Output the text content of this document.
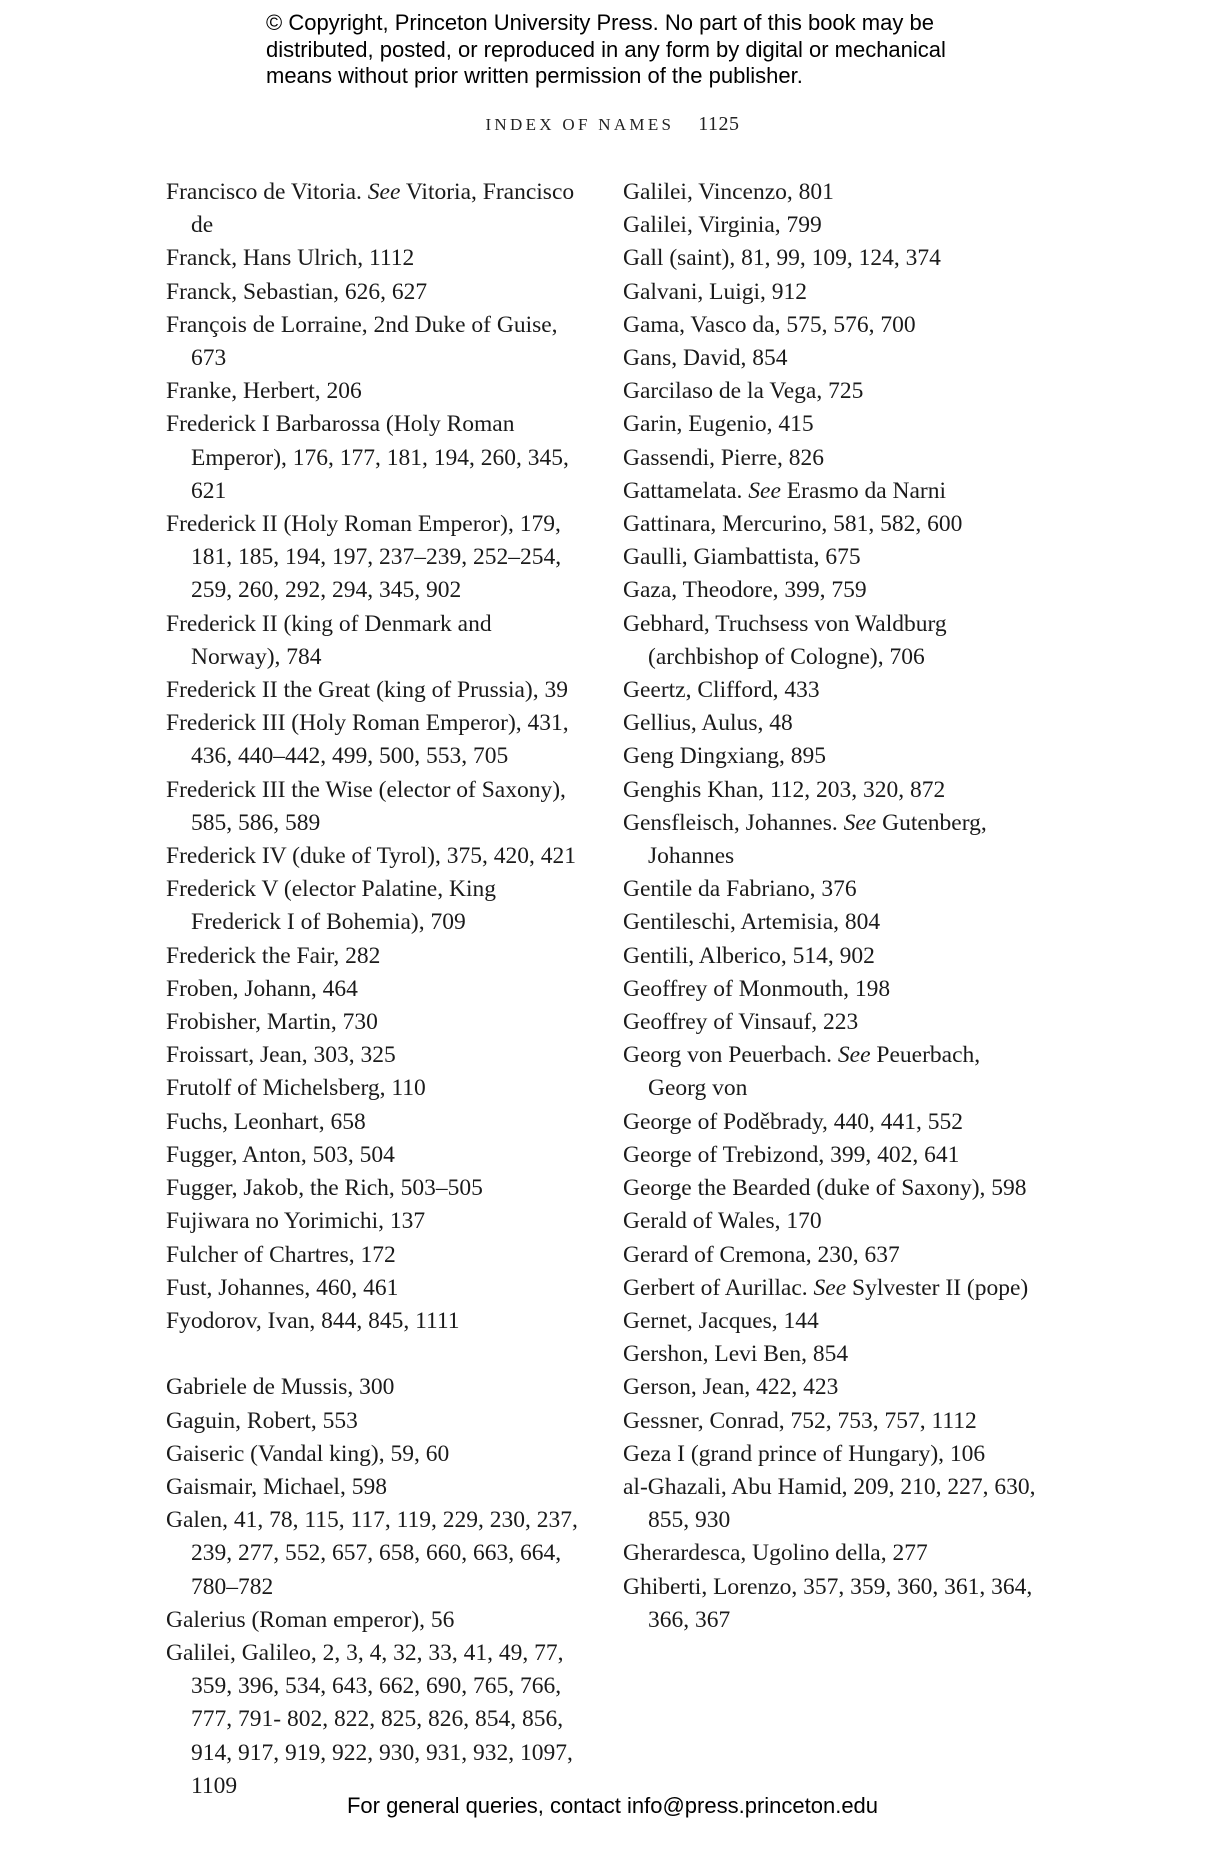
© Copyright, Princeton University Press. No part of this book may be
distributed, posted, or reproduced in any form by digital or mechanical
means without prior written permission of the publisher.
INDEX OF NAMES 1125

Francisco de Vitoria. See Vitoria, Francisco de

Franck, Hans Ulrich, 1112

Franck, Sebastian, 626, 627

François de Lorraine, 2nd Duke of Guise, 673

Franke, Herbert, 206

Frederick I Barbarossa (Holy Roman Emperor), 176, 177, 181, 194, 260, 345, 621

Frederick II (Holy Roman Emperor), 179, 181, 185, 194, 197, 237–239, 252–254, 259, 260, 292, 294, 345, 902

Frederick II (king of Denmark and Norway), 784

Frederick II the Great (king of Prussia), 39

Frederick III (Holy Roman Emperor), 431, 436, 440–442, 499, 500, 553, 705

Frederick III the Wise (elector of Saxony), 585, 586, 589

Frederick IV (duke of Tyrol), 375, 420, 421

Frederick V (elector Palatine, King Frederick I of Bohemia), 709

Frederick the Fair, 282

Froben, Johann, 464

Frobisher, Martin, 730

Froissart, Jean, 303, 325

Frutolf of Michelsberg, 110

Fuchs, Leonhart, 658

Fugger, Anton, 503, 504

Fugger, Jakob, the Rich, 503–505

Fujiwara no Yorimichi, 137

Fulcher of Chartres, 172

Fust, Johannes, 460, 461

Fyodorov, Ivan, 844, 845, 1111

Gabriele de Mussis, 300

Gaguin, Robert, 553

Gaiseric (Vandal king), 59, 60

Gaismair, Michael, 598

Galen, 41, 78, 115, 117, 119, 229, 230, 237, 239, 277, 552, 657, 658, 660, 663, 664, 780–782

Galerius (Roman emperor), 56

Galilei, Galileo, 2, 3, 4, 32, 33, 41, 49, 77, 359, 396, 534, 643, 662, 690, 765, 766, 777, 791- 802, 822, 825, 826, 854, 856, 914, 917, 919, 922, 930, 931, 932, 1097, 1109

Galilei, Vincenzo, 801

Galilei, Virginia, 799

Gall (saint), 81, 99, 109, 124, 374

Galvani, Luigi, 912

Gama, Vasco da, 575, 576, 700

Gans, David, 854

Garcilaso de la Vega, 725

Garin, Eugenio, 415

Gassendi, Pierre, 826

Gattamelata. See Erasmo da Narni

Gattinara, Mercurino, 581, 582, 600

Gaulli, Giambattista, 675

Gaza, Theodore, 399, 759

Gebhard, Truchsess von Waldburg (archbishop of Cologne), 706

Geertz, Clifford, 433

Gellius, Aulus, 48

Geng Dingxiang, 895

Genghis Khan, 112, 203, 320, 872

Gensfleisch, Johannes. See Gutenberg, Johannes

Gentile da Fabriano, 376

Gentileschi, Artemisia, 804

Gentili, Alberico, 514, 902

Geoffrey of Monmouth, 198

Geoffrey of Vinsauf, 223

Georg von Peuerbach. See Peuerbach, Georg von

George of Poděbrady, 440, 441, 552

George of Trebizond, 399, 402, 641

George the Bearded (duke of Saxony), 598

Gerald of Wales, 170

Gerard of Cremona, 230, 637

Gerbert of Aurillac. See Sylvester II (pope)

Gernet, Jacques, 144

Gershon, Levi Ben, 854

Gerson, Jean, 422, 423

Gessner, Conrad, 752, 753, 757, 1112

Geza I (grand prince of Hungary), 106

al-Ghazali, Abu Hamid, 209, 210, 227, 630, 855, 930

Gherardesca, Ugolino della, 277

Ghiberti, Lorenzo, 357, 359, 360, 361, 364, 366, 367

For general queries, contact info@press.princeton.edu
